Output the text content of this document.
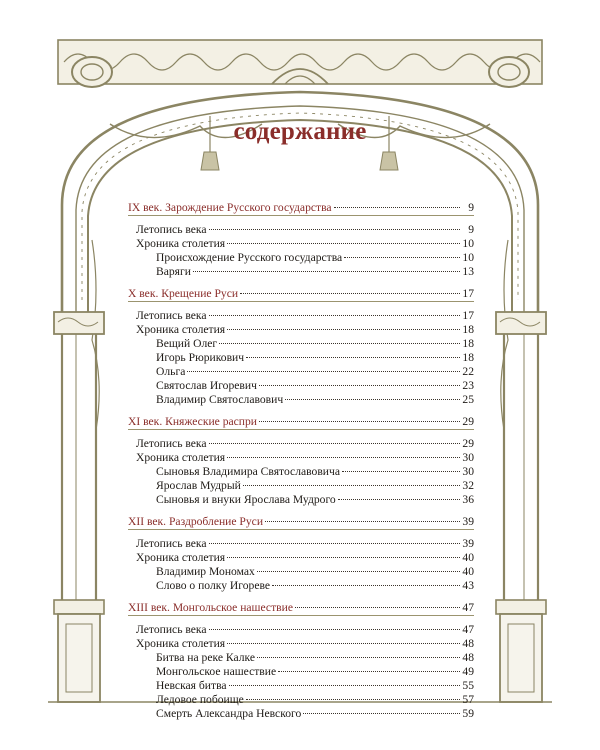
содержание
IX век. Зарождение Русского государства	9
Летопись века	9
Хроника столетия	10
Происхождение Русского государства	10
Варяги	13
X век. Крещение Руси	17
Летопись века	17
Хроника столетия	18
Вещий Олег	18
Игорь Рюрикович	18
Ольга	22
Святослав Игоревич	23
Владимир Святославович	25
XI век. Княжеские распри	29
Летопись века	29
Хроника столетия	30
Сыновья Владимира Святославовича	30
Ярослав Мудрый	32
Сыновья и внуки Ярослава Мудрого	36
XII век. Раздробление Руси	39
Летопись века	39
Хроника столетия	40
Владимир Мономах	40
Слово о полку Игореве	43
XIII век. Монгольское нашествие	47
Летопись века	47
Хроника столетия	48
Битва на реке Калке	48
Монгольское нашествие	49
Невская битва	55
Ледовое побоище	57
Смерть Александра Невского	59
